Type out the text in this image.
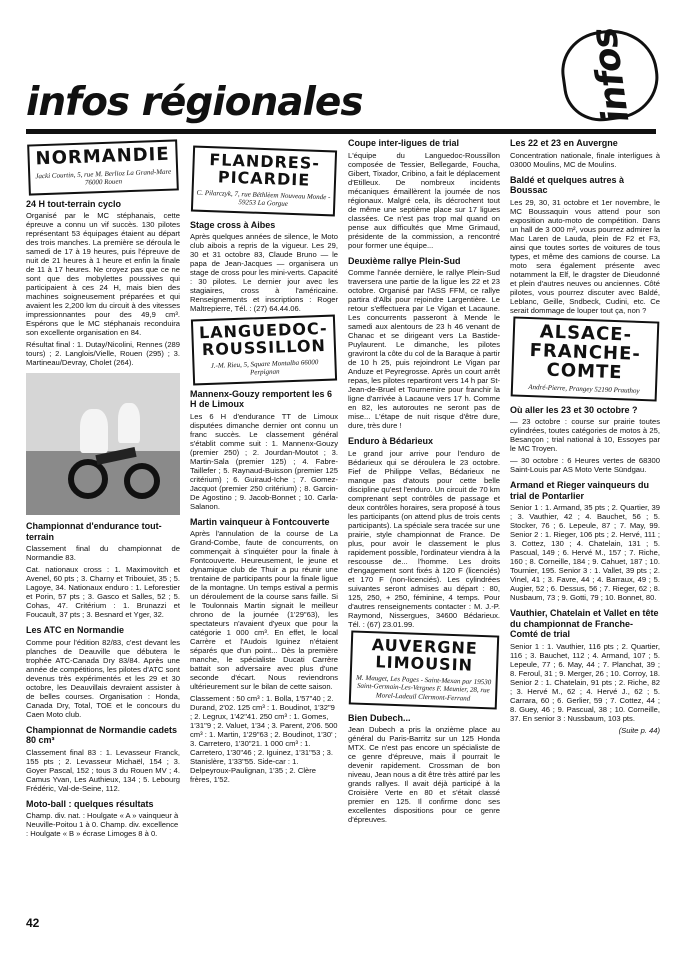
infos
infos régionales
NORMANDIE
Jacki Courtin, 5, rue M. Berlioz La Grand-Mare 76000 Rouen
24 H tout-terrain cyclo

Organisé par le MC stéphanais, cette épreuve a connu un vif succès. 130 pilotes représentant 53 équipages étaient au départ des trois manches. La première se déroula le samedi de 17 à 19 heures, puis l'épreuve de nuit de 21 heures à 1 heure et enfin la finale de 11 à 17 heures. Ne croyez pas que ce ne sont que des mobylettes poussives qui participaient à ces 24 H, mais bien des machines soigneusement préparées et qui avaient les 2,200 km du circuit à des vitesses impressionnantes pour des 49,9 cm³. Espérons que le MC stéphanais reconduira son excellente organisation en 84.

Résultat final : 1. Dutay/Nicolini, Rennes (289 tours) ; 2. Langlois/Vielle, Rouen (295) ; 3. Martineau/Devray, Cholet (264).

Championnat d'endurance tout-terrain

Classement final du championnat de Normandie 83.

Cat. nationaux cross : 1. Maximovitch et Avenel, 60 pts ; 3. Charny et Tribouiet, 35 ; 5. Lagoye, 34. Nationaux enduro : 1. Leforestier et Porin, 57 pts ; 3. Gasco et Salles, 52 ; 5. Cohas, 47. Critérium : 1. Brunazzi et Foucault, 37 pts ; 3. Besnard et Yger, 32.

Les ATC en Normandie

Comme pour l'édition 82/83, c'est devant les planches de Deauville que débutera le trophée ATC-Canada Dry 83/84. Après une année de compétitions, les pilotes d'ATC sont devenus très expérimentés et les 29 et 30 octobre, les Deauvillais devraient assister à de belles courses. Organisation : Honda, Canada Dry, Total, TOE et le concours du Caen Moto club.

Championnat de Normandie cadets 80 cm³

Classement final 83 : 1. Levasseur Franck, 155 pts ; 2. Levasseur Michaël, 154 ; 3. Goyer Pascal, 152 ; tous 3 du Rouen MV ; 4. Camus Yvan, Les Authieux, 134 ; 5. Lebourg Frédéric, Val-de-Seine, 112.

Moto-ball : quelques résultats

Champ. div. nat. : Houlgate « A » vainqueur à Neuville-Poitou 1 à 0. Champ. div. excellence : Houlgate « B » écrase Limoges 8 à 0.

FLANDRES-PICARDIE
C. Pilarczyk, 7, rue Béthlèem Nouveau Monde - 59253 La Gorgue
Stage cross à Aibes

Après quelques années de silence, le Moto club aibois a repris de la vigueur. Les 29, 30 et 31 octobre 83, Claude Bruno — le papa de Jean-Jacques — organisera un stage de cross pour les mini-verts. Capacité : 30 pilotes. Le dernier jour avec les stagiaires, cross à l'américaine. Renseignements et inscriptions : Roger Maltrepierre, Tél. : (27) 64.44.06.

LANGUEDOC-ROUSSILLON
J.-M. Rieu, 5, Square Montalba 66000 Perpignan
Mannenx-Gouzy remportent les 6 H de Limoux

Les 6 H d'endurance TT de Limoux disputées dimanche dernier ont connu un franc succès. Le classement général s'établit comme suit : 1. Mannenx-Gouzy (premier 250) ; 2. Jourdan-Moutot ; 3. Martin-Sala (premier 125) ; 4. Fabre-Taillefer ; 5. Raynaud-Buisson (premier 125 critérium) ; 6. Guiraud-Iche ; 7. Gomez-Jacquot (premier 250 critérium) ; 8. Garcin-De Agostino ; 9. Jacob-Bonnet ; 10. Carla-Salanon.

Martin vainqueur à Fontcouverte

Après l'annulation de la course de La Grand-Combe, faute de concurrents, on commençait à s'inquiéter pour la finale à Fontcouverte. Heureusement, le jeune et dynamique club de Thuir a pu réunir une trentaine de participants pour la finale ligue de la montagne. Un temps estival a permis un déroulement de la course sans faille. Si le Toulonnais Martin signait le meilleur chrono de la journée (1'29"63), les spectateurs n'avaient d'yeux que pour la catégorie 1 000 cm³. En effet, le local Carrère et l'Audois Iguinez n'étaient séparés que d'un point... Dès la première manche, le spécialiste Ducati Carrère battait son adversaire avec plus d'une seconde d'écart. Nous reviendrons ultérieurement sur le bilan de cette saison.

Classement : 50 cm³ : 1. Bolla, 1'57"40 ; 2. Durand, 2'02. 125 cm³ : 1. Boudinot, 1'32"9 ; 2. Legrux, 1'42"41. 250 cm³ : 1. Gomes, 1'31"9 ; 2. Valuet, 1'34 ; 3. Parent, 2'06. 500 cm³ : 1. Martin, 1'29"63 ; 2. Boudinot, 1'30' ; 3. Carretero, 1'30"21. 1 000 cm³ : 1. Carretero, 1'30"46 ; 2. Iguinez, 1'31"53 ; 3. Stanislère, 1'33"55. Side-car : 1. Delpeyroux-Paulignan, 1'35 ; 2. Clère frères, 1'52.

Coupe inter-ligues de trial

L'équipe du Languedoc-Roussillon composée de Tessier, Bellegarde, Foucha, Gibert, Tixador, Cribino, a fait le déplacement d'Etilleux. De nombreux incidents mécaniques émaillèrent la journée de nos régionaux. Malgré cela, ils décrochent tout de même une septième place sur 17 ligues classées. Ce n'est pas trop mal quand on pense aux difficultés que Mme Grimaud, présidente de la commission, a rencontré pour former une équipe...

Deuxième rallye Plein-Sud

Comme l'année dernière, le rallye Plein-Sud traversera une partie de la ligue les 22 et 23 octobre. Organisé par l'ASS FFM, ce rallye partira d'Albi pour rejoindre Largentière. Le retour s'effectuera par Le Vigan et Lacaune. Les concurrents passeront à Mende le samedi aux alentours de 23 h 46 venant de Chanac et se dirigeant vers La Bastide-Puylaurent. Le dimanche, les pilotes graviront la côte du col de la Baraque à partir de 10 h 25, puis rejoindront Le Vigan par Anduze et Peyregrosse. Après un court arrêt repas, les pilotes repartiront vers 14 h par St-Jean-de-Bruel et Tournemire pour franchir la ligne d'arrivée à Lacaune vers 17 h. Comme en 82, les autoroutes ne seront pas de mise... L'étape de nuit risque d'être dure, dure, très dure !

Enduro à Bédarieux

Le grand jour arrive pour l'enduro de Bédarieux qui se déroulera le 23 octobre. Fief de Philippe Vellas, Bédarieux ne manque pas d'atouts pour cette belle discipline qu'est l'enduro. Un circuit de 70 km comprenant sept contrôles de passage et deux contrôles horaires, sera proposé à tous les participants (on attend plus de trois cents participants). La spéciale sera tracée sur une prairie, style championnat de France. De plus, pour avoir le classement le plus rapidement possible, l'ordinateur viendra à la rescousse de... l'homme. Les droits d'engagement sont fixés à 120 F (licenciés) et 170 F (non-licenciés). Les cylindrées suivantes seront admises au départ : 80, 125, 250, + 250, féminine, 4 temps. Pour d'autres renseignements contacter : M. J.-P. Raymond, Nissergues, 34600 Bédarieux. Tél. : (67) 23.01.99.

AUVERGNE LIMOUSIN
M. Mauget, Les Pages - Saint-Mexan par 19530 Saint-Germain-Les-Vergnes F. Meunier, 28, rue Morel-Ladeuil Clermont-Ferrand
Bien Dubech...

Jean Dubech a pris la onzième place au général du Paris-Barritz sur un 125 Honda MTX. Ce n'est pas encore un spécialiste de ce genre d'épreuve, mais il pourrait le devenir rapidement. Crossman de bon niveau, Jean nous a dit être très attiré par les grands rallyes. Il avait déjà participé à la Croisière Verte en 80 et s'était classé premier en 125. Il confirme donc ses excellentes dispositions pour ce genre d'épreuves.

Les 22 et 23 en Auvergne

Concentration nationale, finale interligues à 03000 Moulins, MC de Moulins.

Baldé et quelques autres à Boussac

Les 29, 30, 31 octobre et 1er novembre, le MC Boussaquin vous attend pour son exposition auto-moto de compétition. Dans un hall de 3 000 m², vous pourrez admirer la Mac Laren de Lauda, plein de F2 et F3, ainsi que toutes sortes de voitures de tous types, et même des camions de course. La moto sera également présente avec notamment la Elf, le dragster de Dieudonné et plein d'autres neuves ou anciennes. Côté pilotes, vous pourrez discuter avec Baldé, Leblanc, Geille, Sndbeck, Cudini, etc. Ce serait dommage de louper tout ça, non ?

ALSACE-FRANCHE-COMTE
André-Pierre, Prangey 52190 Prauthoy
Où aller les 23 et 30 octobre ?

— 23 octobre : course sur prairie toutes cylindrées, toutes catégories de motos à 25, Besançon ; trial national à 10, Essoyes par le MC Troyen.

— 30 octobre : 6 Heures vertes de 68300 Saint-Louis par AS Moto Verte Sündgau.

Armand et Rieger vainqueurs du trial de Pontarlier

Senior 1 : 1. Armand, 35 pts ; 2. Quartier, 39 ; 3. Vauthier, 42 ; 4. Bauchet, 56 ; 5. Stocker, 76 ; 6. Lepeule, 87 ; 7. May, 99. Senior 2 : 1. Rieger, 106 pts ; 2. Hervé, 111 ; 3. Cottez, 130 ; 4. Chatelain, 131 ; 5. Pascual, 149 ; 6. Hervé M., 157 ; 7. Riche, 160 ; 8. Corneille, 184 ; 9. Cahuet, 187 ; 10. Tournier, 195. Senior 3 : 1. Vallet, 39 pts ; 2. Vinel, 41 ; 3. Favre, 44 ; 4. Barraux, 49 ; 5. Augier, 52 ; 6. Dessus, 56 ; 7. Rieger, 62 ; 8. Nusbaum, 73 ; 9. Gotti, 79 ; 10. Bonnet, 80.

Vauthier, Chatelain et Vallet en tête du championnat de Franche-Comté de trial

Senior 1 : 1. Vauthier, 116 pts ; 2. Quartier, 116 ; 3. Bauchet, 112 ; 4. Armand, 107 ; 5. Lepeule, 77 ; 6. May, 44 ; 7. Planchat, 39 ; 8. Feroul, 31 ; 9. Merger, 26 ; 10. Corroy, 18. Senior 2 : 1. Chatelain, 91 pts ; 2. Riche, 82 ; 3. Hervé M., 62 ; 4. Hervé J., 62 ; 5. Carrara, 60 ; 6. Gerlier, 59 ; 7. Cottez, 44 ; 8. Guey, 46 ; 9. Pascual, 38 ; 10. Corneille, 37. En senior 3 : Nussbaum, 103 pts.

(Suite p. 44)

42
